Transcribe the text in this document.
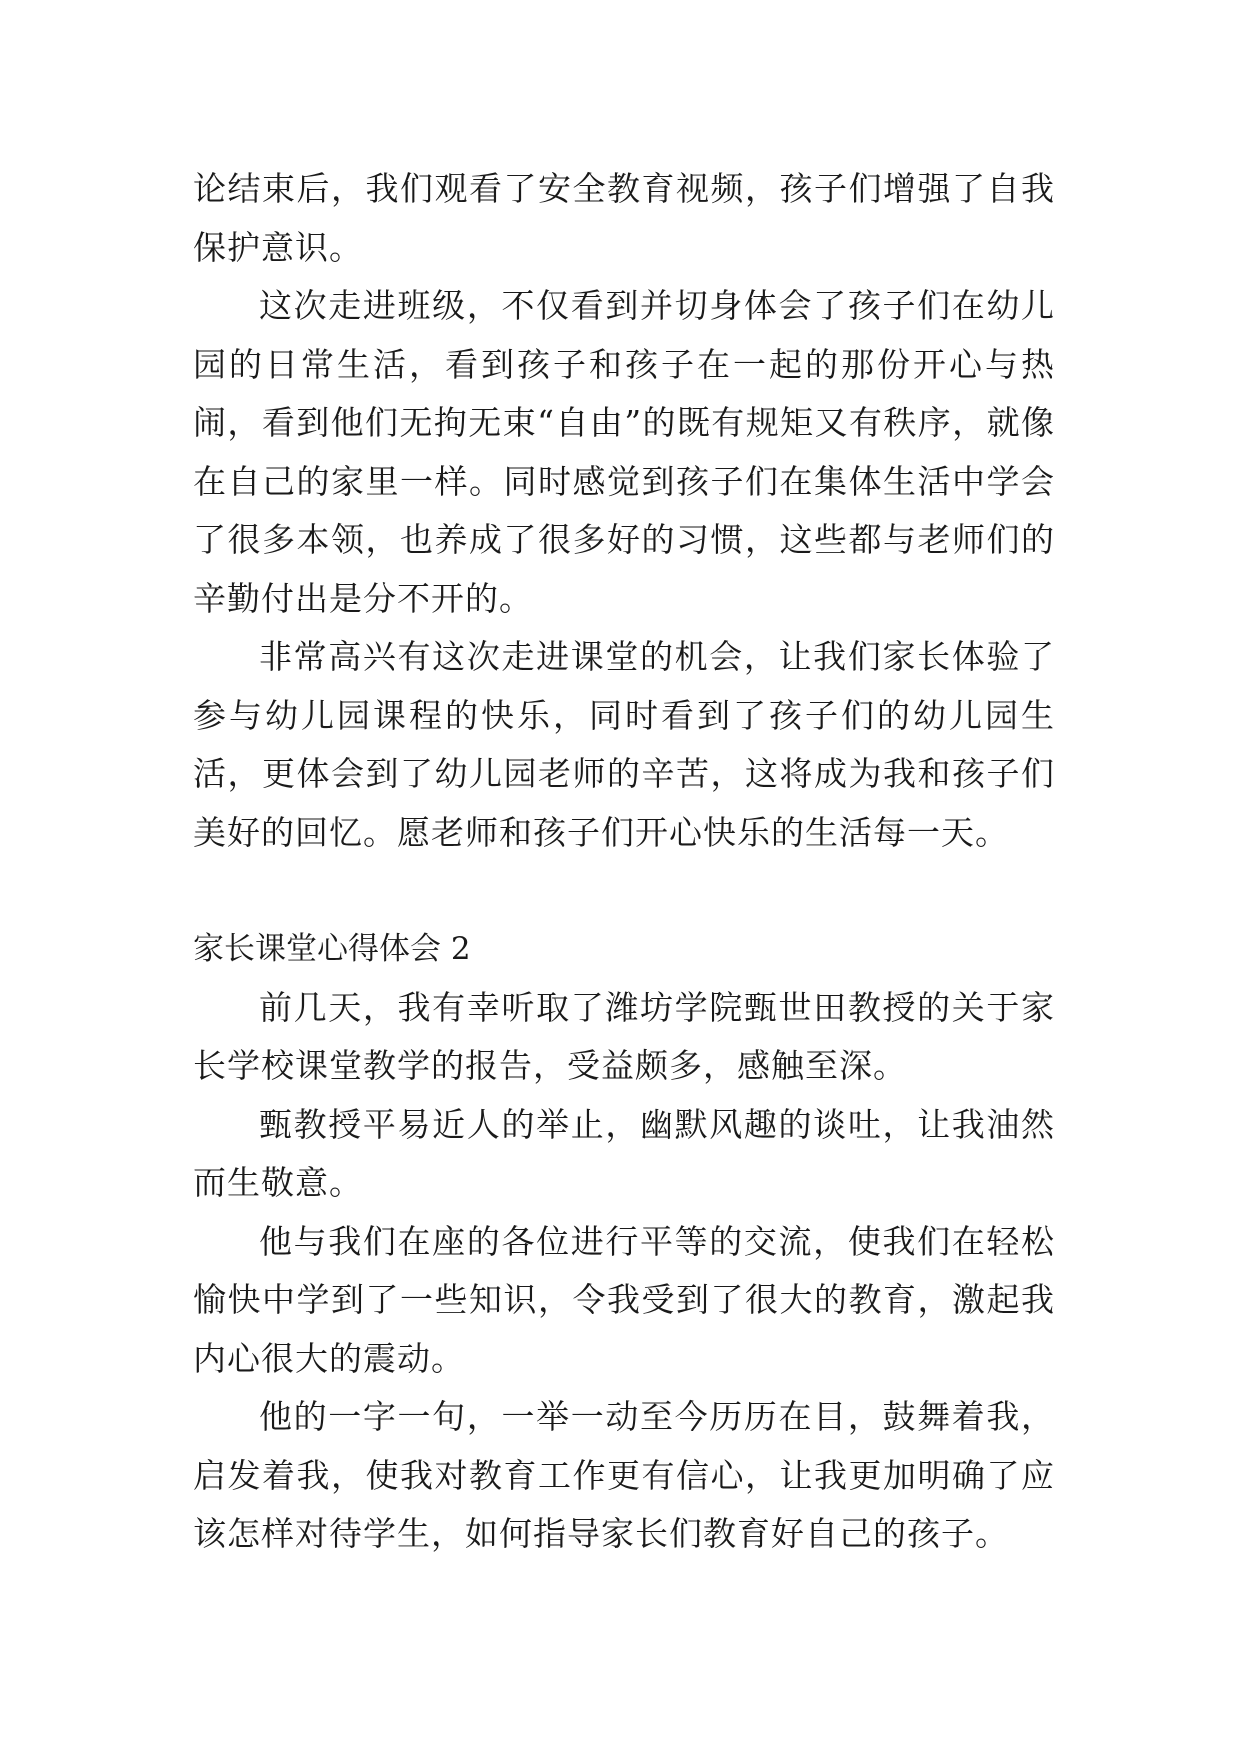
论结束后，我们观看了安全教育视频，孩子们增强了自我保护意识。

这次走进班级，不仅看到并切身体会了孩子们在幼儿园的日常生活，看到孩子和孩子在一起的那份开心与热闹，看到他们无拘无束“自由”的既有规矩又有秩序，就像在自己的家里一样。同时感觉到孩子们在集体生活中学会了很多本领，也养成了很多好的习惯，这些都与老师们的辛勤付出是分不开的。

非常高兴有这次走进课堂的机会，让我们家长体验了参与幼儿园课程的快乐，同时看到了孩子们的幼儿园生活，更体会到了幼儿园老师的辛苦，这将成为我和孩子们美好的回忆。愿老师和孩子们开心快乐的生活每一天。

家长课堂心得体会 2

前几天，我有幸听取了潍坊学院甄世田教授的关于家长学校课堂教学的报告，受益颇多，感触至深。

甄教授平易近人的举止，幽默风趣的谈吐，让我油然而生敬意。

他与我们在座的各位进行平等的交流，使我们在轻松愉快中学到了一些知识，令我受到了很大的教育，激起我内心很大的震动。

他的一字一句，一举一动至今历历在目，鼓舞着我，启发着我，使我对教育工作更有信心，让我更加明确了应该怎样对待学生，如何指导家长们教育好自己的孩子。
